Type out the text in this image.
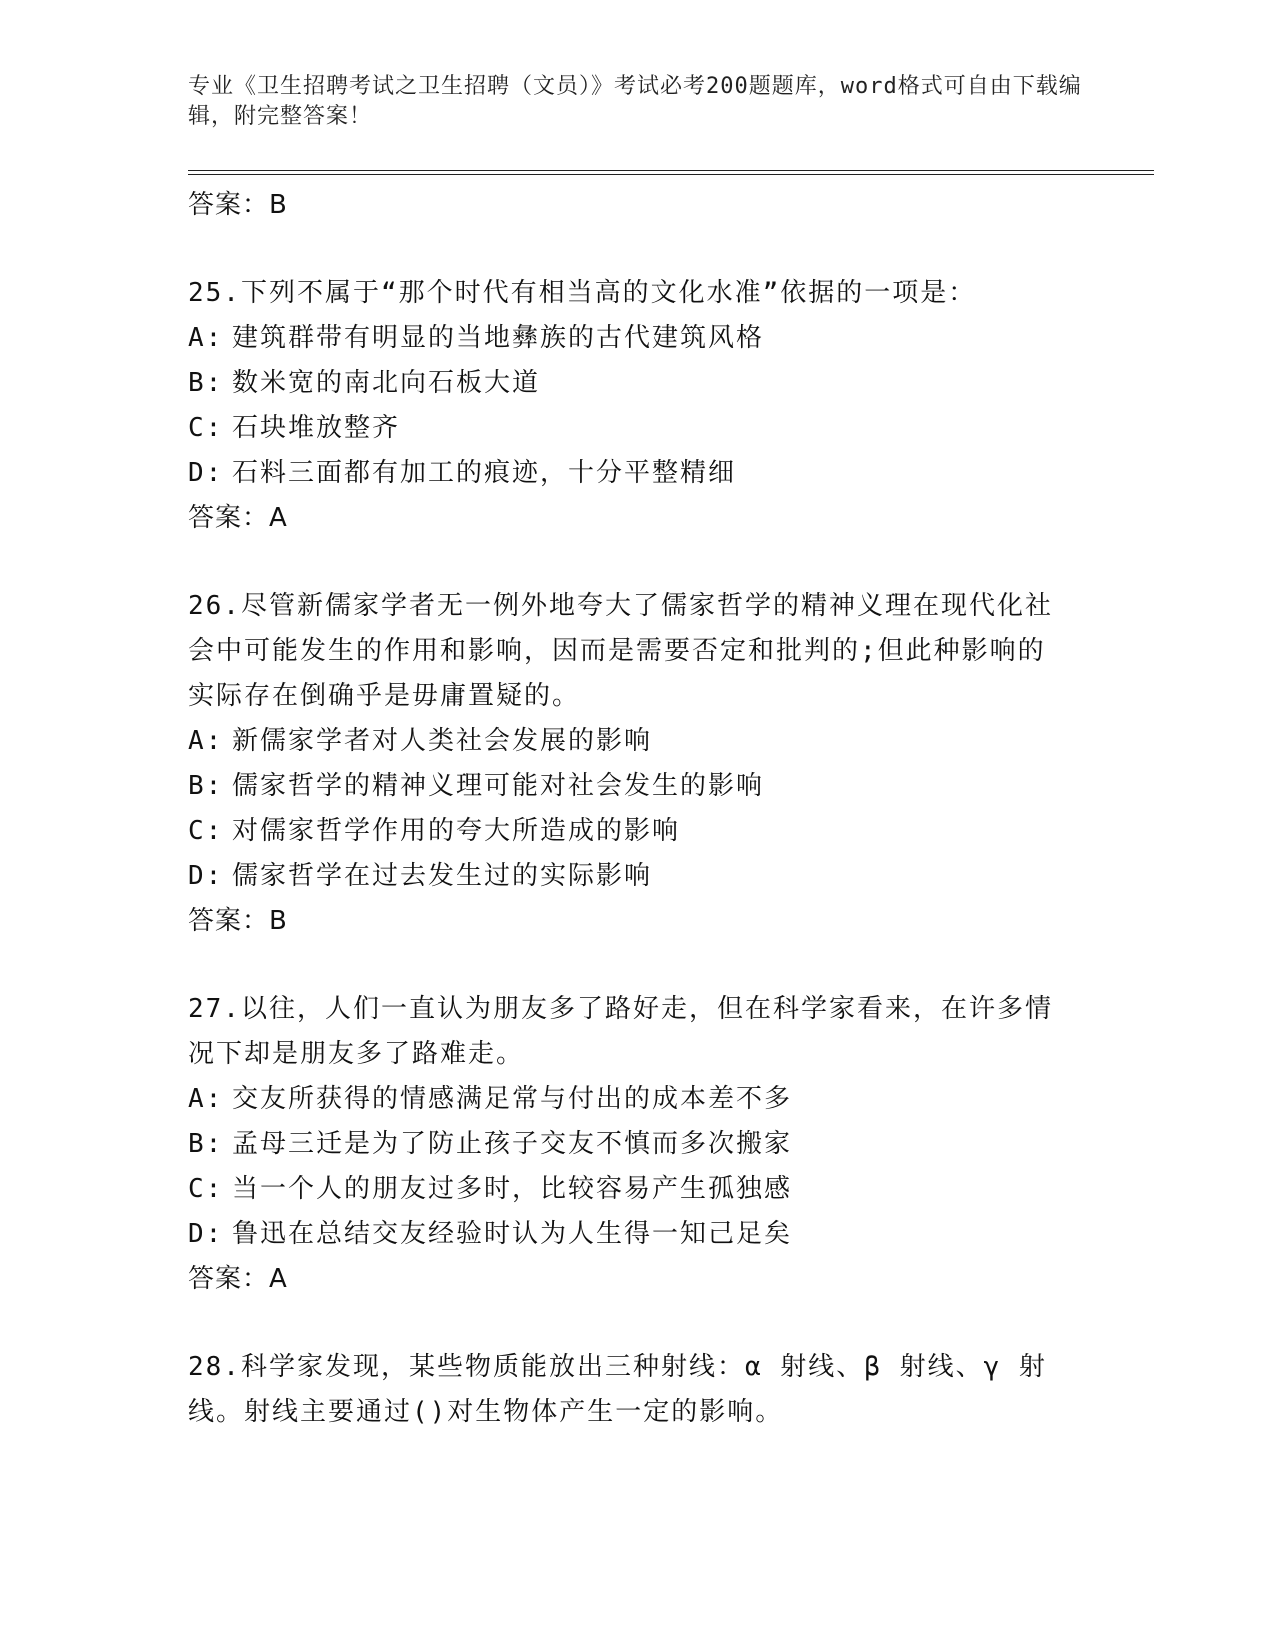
专业《卫生招聘考试之卫生招聘（文员）》考试必考200题题库，word格式可自由下载编辑，附完整答案！

答案：B
25.下列不属于“那个时代有相当高的文化水准”依据的一项是：
A: 建筑群带有明显的当地彝族的古代建筑风格
B: 数米宽的南北向石板大道
C: 石块堆放整齐
D: 石料三面都有加工的痕迹，十分平整精细
答案：A
26.尽管新儒家学者无一例外地夸大了儒家哲学的精神义理在现代化社
会中可能发生的作用和影响，因而是需要否定和批判的;但此种影响的
实际存在倒确乎是毋庸置疑的。
A: 新儒家学者对人类社会发展的影响
B: 儒家哲学的精神义理可能对社会发生的影响
C: 对儒家哲学作用的夸大所造成的影响
D: 儒家哲学在过去发生过的实际影响
答案：B
27.以往，人们一直认为朋友多了路好走，但在科学家看来，在许多情
况下却是朋友多了路难走。
A: 交友所获得的情感满足常与付出的成本差不多
B: 孟母三迁是为了防止孩子交友不慎而多次搬家
C: 当一个人的朋友过多时，比较容易产生孤独感
D: 鲁迅在总结交友经验时认为人生得一知己足矣
答案：A
28.科学家发现，某些物质能放出三种射线：α 射线、β 射线、γ 射
线。射线主要通过()对生物体产生一定的影响。
